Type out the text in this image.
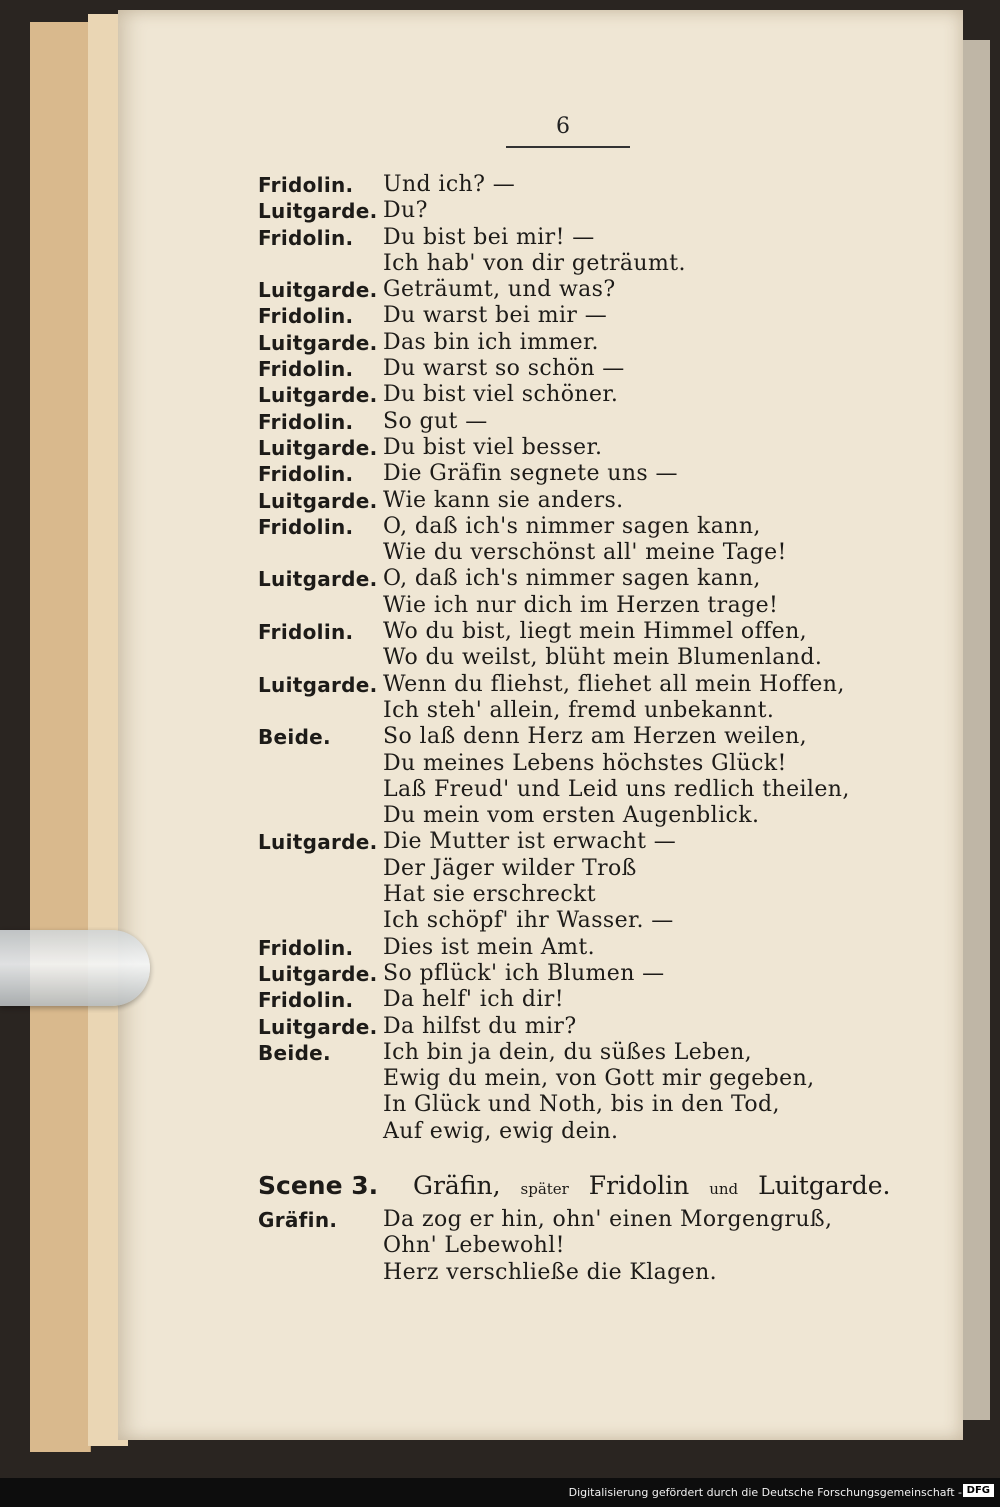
6
Fridolin.	Und ich? —
Luitgarde. Du?
Fridolin.	Du bist bei mir! —
Ich hab' von dir geträumt.
Luitgarde. Geträumt, und was?
Fridolin.	Du warst bei mir —
Luitgarde. Das bin ich immer.
Fridolin.	Du warst so schön —
Luitgarde. Du bist viel schöner.
Fridolin.	So gut —
Luitgarde. Du bist viel besser.
Fridolin.	Die Gräfin segnete uns —
Luitgarde. Wie kann sie anders.
Fridolin.	O, daß ich's nimmer sagen kann,
Wie du verschönst all' meine Tage!
Luitgarde. O, daß ich's nimmer sagen kann,
Wie ich nur dich im Herzen trage!
Fridolin.	Wo du bist, liegt mein Himmel offen,
Wo du weilst, blüht mein Blumenland.
Luitgarde. Wenn du fliehst, fliehet all mein Hoffen,
Ich steh' allein, fremd unbekannt.
Beide.	So laß denn Herz am Herzen weilen,
Du meines Lebens höchstes Glück!
Laß Freud' und Leid uns redlich theilen,
Du mein vom ersten Augenblick.
Luitgarde. Die Mutter ist erwacht —
Der Jäger wilder Troß
Hat sie erschreckt
Ich schöpf' ihr Wasser. —
Fridolin.	Dies ist mein Amt.
Luitgarde. So pflück' ich Blumen —
Fridolin.	Da helf' ich dir!
Luitgarde. Da hilfst du mir?
Beide.	Ich bin ja dein, du süßes Leben,
Ewig du mein, von Gott mir gegeben,
In Glück und Noth, bis in den Tod,
Auf ewig, ewig dein.
Scene 3.	Gräfin, später Fridolin und Luitgarde.
Gräfin.	Da zog er hin, ohn' einen Morgengruß,
Ohn' Lebewohl!
Herz verschließe die Klagen.
Digitalisierung gefördert durch die Deutsche Forschungsgemeinschaft - DFG
